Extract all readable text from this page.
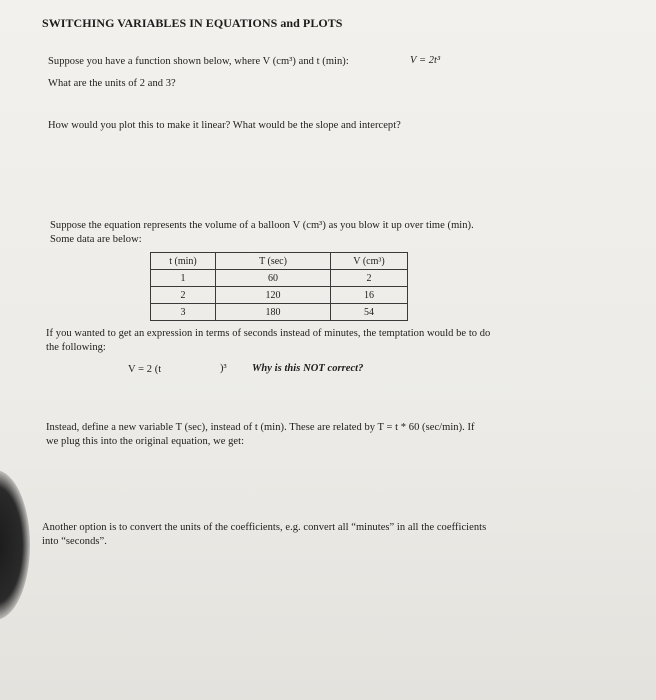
SWITCHING VARIABLES IN EQUATIONS and PLOTS
Suppose you have a function shown below, where V (cm³) and t (min):	V = 2t³
What are the units of 2 and 3?
How would you plot this to make it linear? What would be the slope and intercept?
Suppose the equation represents the volume of a balloon V (cm³) as you blow it up over time (min).
Some data are below:
t (min)	T (sec)	V (cm³)
1	60	2
2	120	16
3	180	54
If you wanted to get an expression in terms of seconds instead of minutes, the temptation would be to do
the following:
V = 2 (t	)³ Why is this NOT correct?
Instead, define a new variable T (sec), instead of t (min). These are related by T = t * 60 (sec/min). If
we plug this into the original equation, we get:
Another option is to convert the units of the coefficients, e.g. convert all “minutes” in all the coefficients
into “seconds”.
